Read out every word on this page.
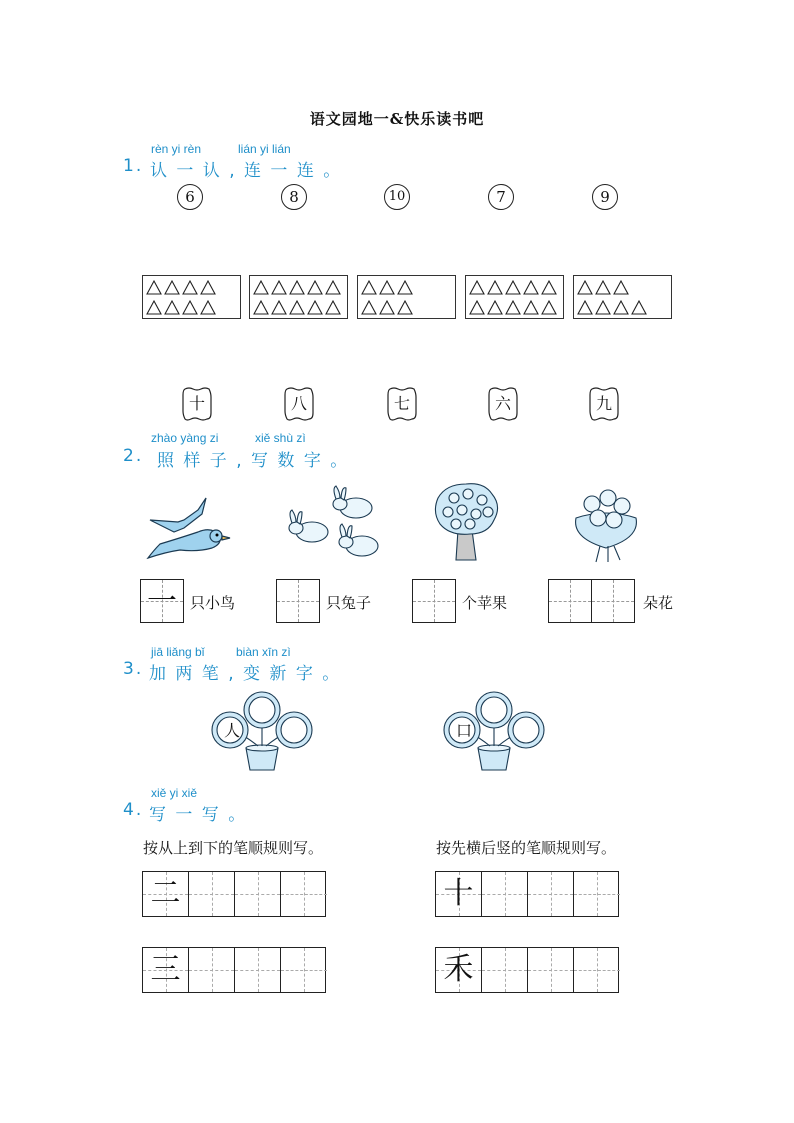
语文园地一&快乐读书吧
rèn yi rèn	lián yi lián
1. 认 一 认 , 连 一 连 。
6	8	10	7	9
十	八	七	六	九
zhào yàng zi	xiě shù zì
2. 照 样 子 , 写 数 字 。
一 只小鸟	只兔子	个苹果	朵花
jiā liǎng bǐ	biàn xīn zì
3. 加 两 笔 , 变 新 字 。
人	口
xiě yi xiě
4. 写 一 写 。
按从上到下的笔顺规则写。	按先横后竖的笔顺规则写。
二
三
十
禾
